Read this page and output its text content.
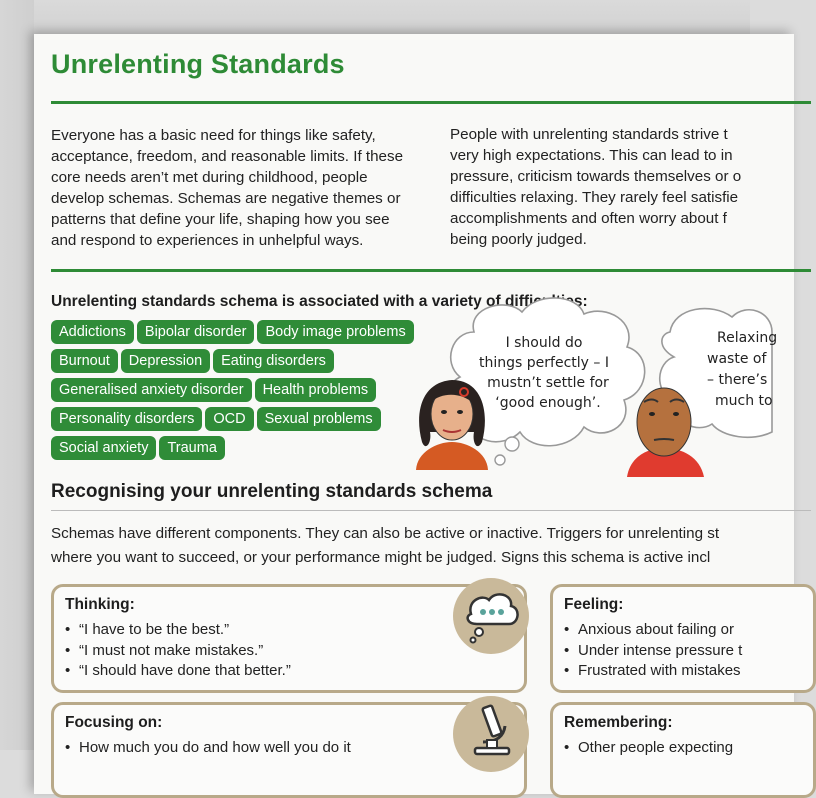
Unrelenting Standards
Everyone has a basic need for things like safety,
acceptance, freedom, and reasonable limits. If these
core needs aren’t met during childhood, people
develop schemas. Schemas are negative themes or
patterns that define your life, shaping how you see
and respond to experiences in unhelpful ways.
People with unrelenting standards strive t
very high expectations. This can lead to in
pressure, criticism towards themselves or o
difficulties relaxing. They rarely feel satisfie
accomplishments and often worry about f
being poorly judged.
Unrelenting standards schema is associated with a variety of difficulties:
Addictions Bipolar disorder Body image problems
Burnout Depression Eating disorders
Generalised anxiety disorder Health problems
Personality disorders OCD Sexual problems
Social anxiety Trauma
I should do
things perfectly – I
mustn’t settle for
‘good enough’.
Relaxing
waste of
– there’s
much to
Recognising your unrelenting standards schema
Schemas have different components. They can also be active or inactive. Triggers for unrelenting st
where you want to succeed, or your performance might be judged. Signs this schema is active incl
Thinking:
• “I have to be the best.”
• “I must not make mistakes.”
• “I should have done that better.”
Feeling:
• Anxious about failing or
• Under intense pressure t
• Frustrated with mistakes
Focusing on:
• How much you do and how well you do it
Remembering:
• Other people expecting
